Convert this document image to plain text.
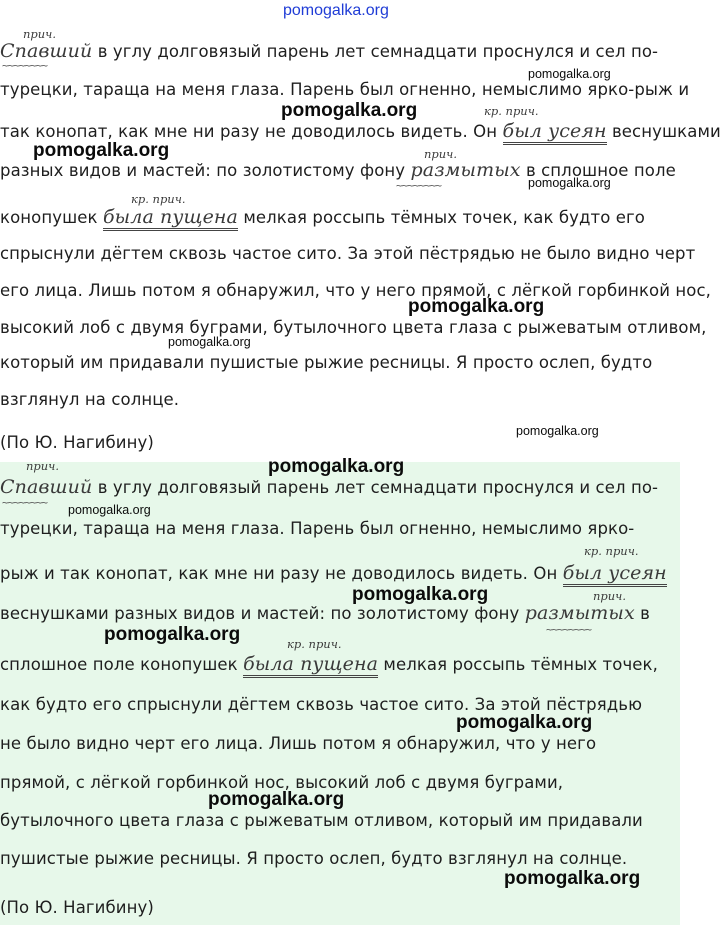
pomogalka.org
прич.
Спавший в углу долговязый парень лет семнадцати проснулся и сел по-
~~~~~~~~
турецки, тараща на меня глаза. Парень был огненно, немыслимо ярко-рыж и
кр. прич.
так конопат, как мне ни разу не доводилось видеть. Он был усеян веснушками
прич.
разных видов и мастей: по золотистому фону размытых в сплошное поле
~~~~~~~~
кр. прич.
конопушек была пущена мелкая россыпь тёмных точек, как будто его
спрыснули дёгтем сквозь частое сито. За этой пёстрядью не было видно черт
его лица. Лишь потом я обнаружил, что у него прямой, с лёгкой горбинкой нос,
высокий лоб с двумя буграми, бутылочного цвета глаза с рыжеватым отливом,
который им придавали пушистые рыжие ресницы. Я просто ослеп, будто
взглянул на солнце.
(По Ю. Нагибину)
pomogalka.org
pomogalka.org
pomogalka.org
pomogalka.org
pomogalka.org
pomogalka.org
pomogalka.org
прич.
Спавший в углу долговязый парень лет семнадцати проснулся и сел по-
~~~~~~~~
турецки, тараща на меня глаза. Парень был огненно, немыслимо ярко-
кр. прич.
рыж и так конопат, как мне ни разу не доводилось видеть. Он был усеян
прич.
веснушками разных видов и мастей: по золотистому фону размытых в
~~~~~~~~
кр. прич.
сплошное поле конопушек была пущена мелкая россыпь тёмных точек,
как будто его спрыснули дёгтем сквозь частое сито. За этой пёстрядью
не было видно черт его лица. Лишь потом я обнаружил, что у него
прямой, с лёгкой горбинкой нос, высокий лоб с двумя буграми,
бутылочного цвета глаза с рыжеватым отливом, который им придавали
пушистые рыжие ресницы. Я просто ослеп, будто взглянул на солнце.
(По Ю. Нагибину)
pomogalka.org
pomogalka.org
pomogalka.org
pomogalka.org
pomogalka.org
pomogalka.org
pomogalka.org
